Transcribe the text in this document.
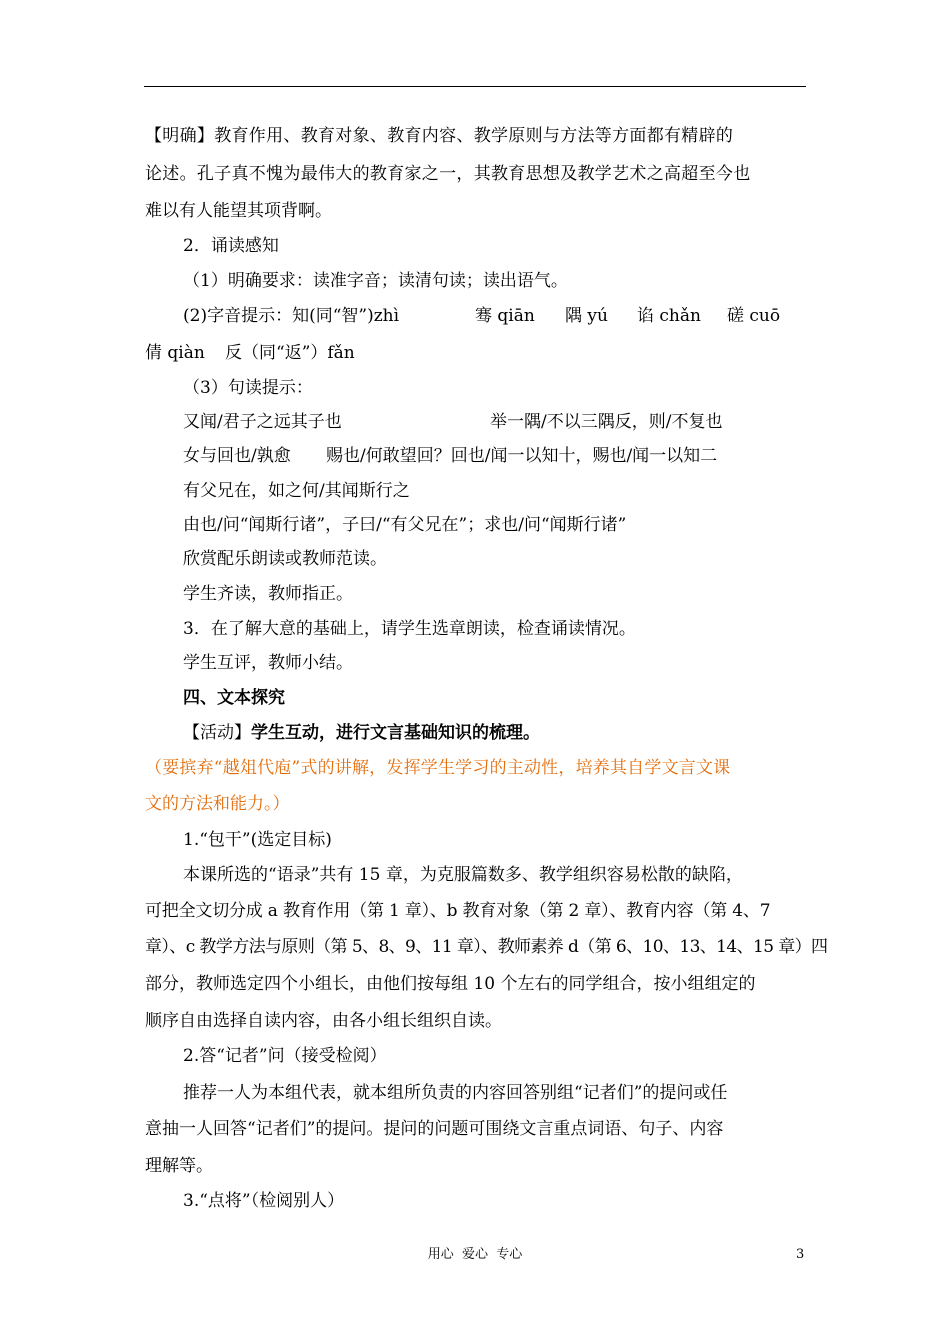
【明确】教育作用、教育对象、教育内容、教学原则与方法等方面都有精辟的
论述。孔子真不愧为最伟大的教育家之一，其教育思想及教学艺术之高超至今也
难以有人能望其项背啊。
2．诵读感知
（1）明确要求：读准字音；读清句读；读出语气。
(2)字音提示：知(同“智”)zhì	骞 qiān 隅 yú 谄 chǎn 磋 cuō
倩 qiàn 反（同“返”）fǎn
（3）句读提示：
又闻/君子之远其子也	举一隅/不以三隅反，则/不复也
女与回也/孰愈 赐也/何敢望回？回也/闻一以知十，赐也/闻一以知二
有父兄在，如之何/其闻斯行之
由也/问“闻斯行诸”，子曰/“有父兄在”；求也/问“闻斯行诸”
欣赏配乐朗读或教师范读。
学生齐读，教师指正。
3．在了解大意的基础上，请学生选章朗读，检查诵读情况。
学生互评，教师小结。
四、文本探究
【活动】学生互动，进行文言基础知识的梳理。
（要摈弃“越俎代庖”式的讲解，发挥学生学习的主动性，培养其自学文言文课
文的方法和能力。）
1.“包干”(选定目标)
本课所选的“语录”共有 15 章，为克服篇数多、教学组织容易松散的缺陷，
可把全文切分成 a 教育作用（第 1 章）、b 教育对象（第 2 章）、教育内容（第 4、7
章）、c 教学方法与原则（第 5、8、9、11 章）、教师素养 d（第 6、10、13、14、15 章）四
部分，教师选定四个小组长，由他们按每组 10 个左右的同学组合，按小组组定的
顺序自由选择自读内容，由各小组长组织自读。
2.答“记者”问（接受检阅）
推荐一人为本组代表，就本组所负责的内容回答别组“记者们”的提问或任
意抽一人回答“记者们”的提问。提问的问题可围绕文言重点词语、句子、内容
理解等。
3.“点将”（检阅别人）
用心  爱心  专心	3
